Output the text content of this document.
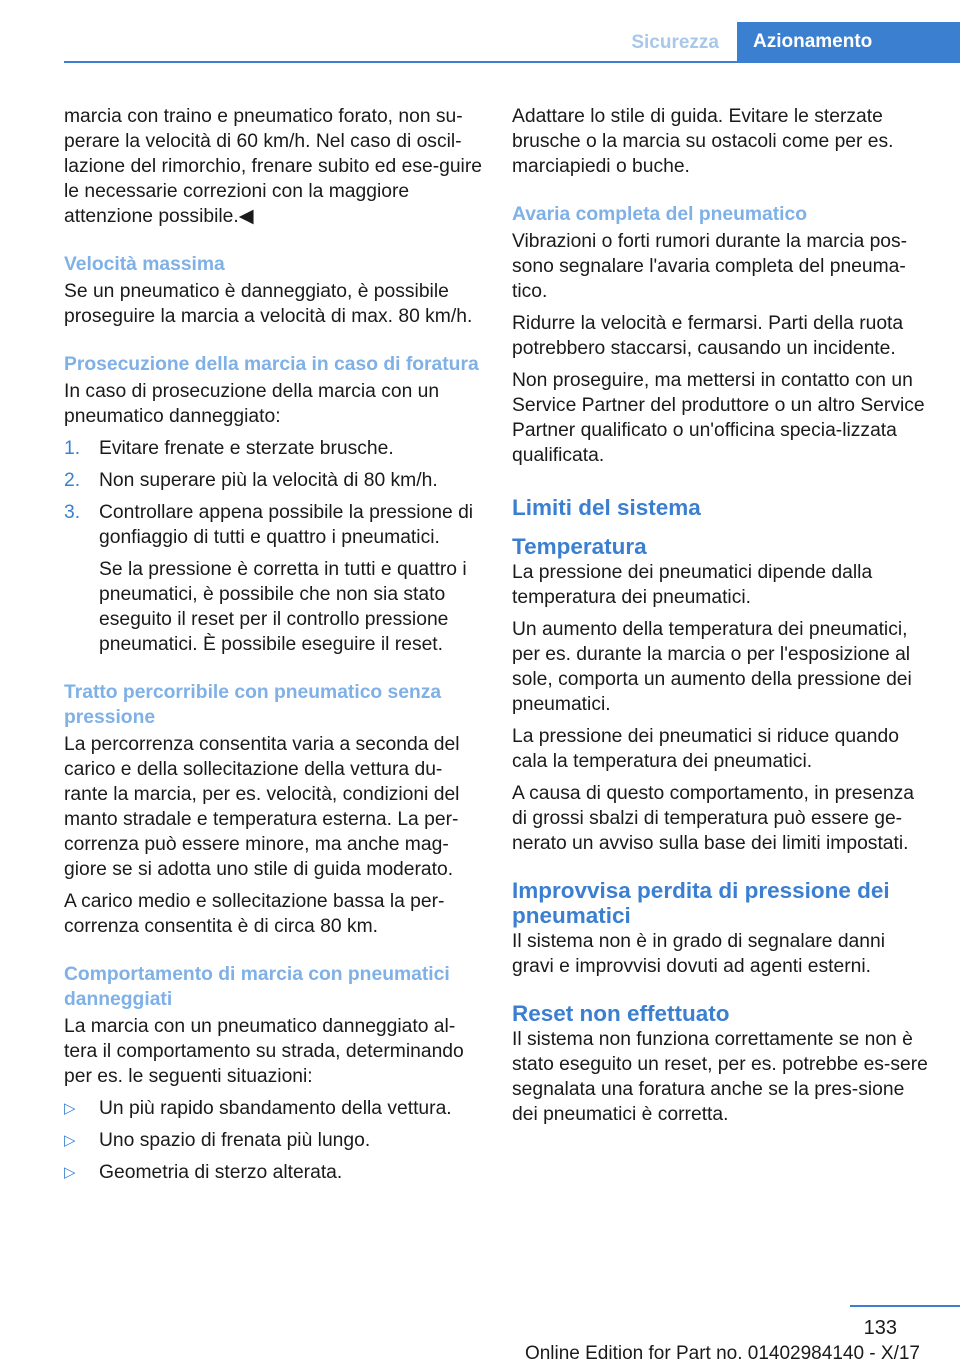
Sicurezza	Azionamento

marcia con traino e pneumatico forato, non su-perare la velocità di 60 km/h. Nel caso di oscil-lazione del rimorchio, frenare subito ed ese-guire le necessarie correzioni con la maggiore attenzione possibile.◀

Velocità massima

Se un pneumatico è danneggiato, è possibile proseguire la marcia a velocità di max. 80 km/h.

Prosecuzione della marcia in caso di foratura

In caso di prosecuzione della marcia con un pneumatico danneggiato:

1. Evitare frenate e sterzate brusche.
2. Non superare più la velocità di 80 km/h.
3. Controllare appena possibile la pressione di gonfiaggio di tutti e quattro i pneumatici.

Se la pressione è corretta in tutti e quattro i pneumatici, è possibile che non sia stato eseguito il reset per il controllo pressione pneumatici. È possibile eseguire il reset.

Tratto percorribile con pneumatico senza pressione

La percorrenza consentita varia a seconda del carico e della sollecitazione della vettura du-rante la marcia, per es. velocità, condizioni del manto stradale e temperatura esterna. La per-correnza può essere minore, ma anche mag-giore se si adotta uno stile di guida moderato.

A carico medio e sollecitazione bassa la per-correnza consentita è di circa 80 km.

Comportamento di marcia con pneumatici danneggiati

La marcia con un pneumatico danneggiato al-tera il comportamento su strada, determinando per es. le seguenti situazioni:

▷ Un più rapido sbandamento della vettura.
▷ Uno spazio di frenata più lungo.
▷ Geometria di sterzo alterata.

Adattare lo stile di guida. Evitare le sterzate brusche o la marcia su ostacoli come per es. marciapiedi o buche.

Avaria completa del pneumatico

Vibrazioni o forti rumori durante la marcia pos-sono segnalare l'avaria completa del pneuma-tico.

Ridurre la velocità e fermarsi. Parti della ruota potrebbero staccarsi, causando un incidente.

Non proseguire, ma mettersi in contatto con un Service Partner del produttore o un altro Service Partner qualificato o un'officina specia-lizzata qualificata.

Limiti del sistema
Temperatura

La pressione dei pneumatici dipende dalla temperatura dei pneumatici.

Un aumento della temperatura dei pneumatici, per es. durante la marcia o per l'esposizione al sole, comporta un aumento della pressione dei pneumatici.

La pressione dei pneumatici si riduce quando cala la temperatura dei pneumatici.

A causa di questo comportamento, in presenza di grossi sbalzi di temperatura può essere ge-nerato un avviso sulla base dei limiti impostati.

Improvvisa perdita di pressione dei pneumatici

Il sistema non è in grado di segnalare danni gravi e improvvisi dovuti ad agenti esterni.

Reset non effettuato

Il sistema non funziona correttamente se non è stato eseguito un reset, per es. potrebbe es-sere segnalata una foratura anche se la pres-sione dei pneumatici è corretta.

133
Online Edition for Part no. 01402984140 - X/17
